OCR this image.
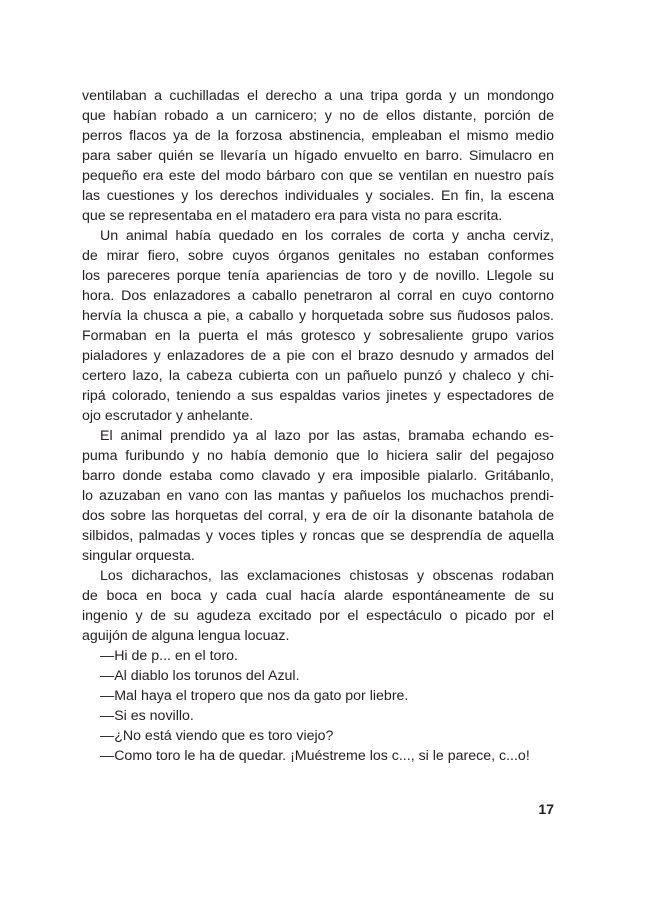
ventilaban a cuchilladas el derecho a una tripa gorda y un mondongo
que habían robado a un carnicero; y no de ellos distante, porción de
perros flacos ya de la forzosa abstinencia, empleaban el mismo medio
para saber quién se llevaría un hígado envuelto en barro. Simulacro en
pequeño era este del modo bárbaro con que se ventilan en nuestro país
las cuestiones y los derechos individuales y sociales. En fin, la escena
que se representaba en el matadero era para vista no para escrita.
Un animal había quedado en los corrales de corta y ancha cerviz,
de mirar fiero, sobre cuyos órganos genitales no estaban conformes
los pareceres porque tenía apariencias de toro y de novillo. Llegole su
hora. Dos enlazadores a caballo penetraron al corral en cuyo contorno
hervía la chusca a pie, a caballo y horquetada sobre sus ñudosos palos.
Formaban en la puerta el más grotesco y sobresaliente grupo varios
pialadores y enlazadores de a pie con el brazo desnudo y armados del
certero lazo, la cabeza cubierta con un pañuelo punzó y chaleco y chi-
ripá colorado, teniendo a sus espaldas varios jinetes y espectadores de
ojo escrutador y anhelante.
El animal prendido ya al lazo por las astas, bramaba echando es-
puma furibundo y no había demonio que lo hiciera salir del pegajoso
barro donde estaba como clavado y era imposible pialarlo. Gritábanlo,
lo azuzaban en vano con las mantas y pañuelos los muchachos prendi-
dos sobre las horquetas del corral, y era de oír la disonante batahola de
silbidos, palmadas y voces tiples y roncas que se desprendía de aquella
singular orquesta.
Los dicharachos, las exclamaciones chistosas y obscenas rodaban
de boca en boca y cada cual hacía alarde espontáneamente de su
ingenio y de su agudeza excitado por el espectáculo o picado por el
aguijón de alguna lengua locuaz.
—Hi de p... en el toro.
—Al diablo los torunos del Azul.
—Mal haya el tropero que nos da gato por liebre.
—Si es novillo.
—¿No está viendo que es toro viejo?
—Como toro le ha de quedar. ¡Muéstreme los c..., si le parece, c...o!
17
